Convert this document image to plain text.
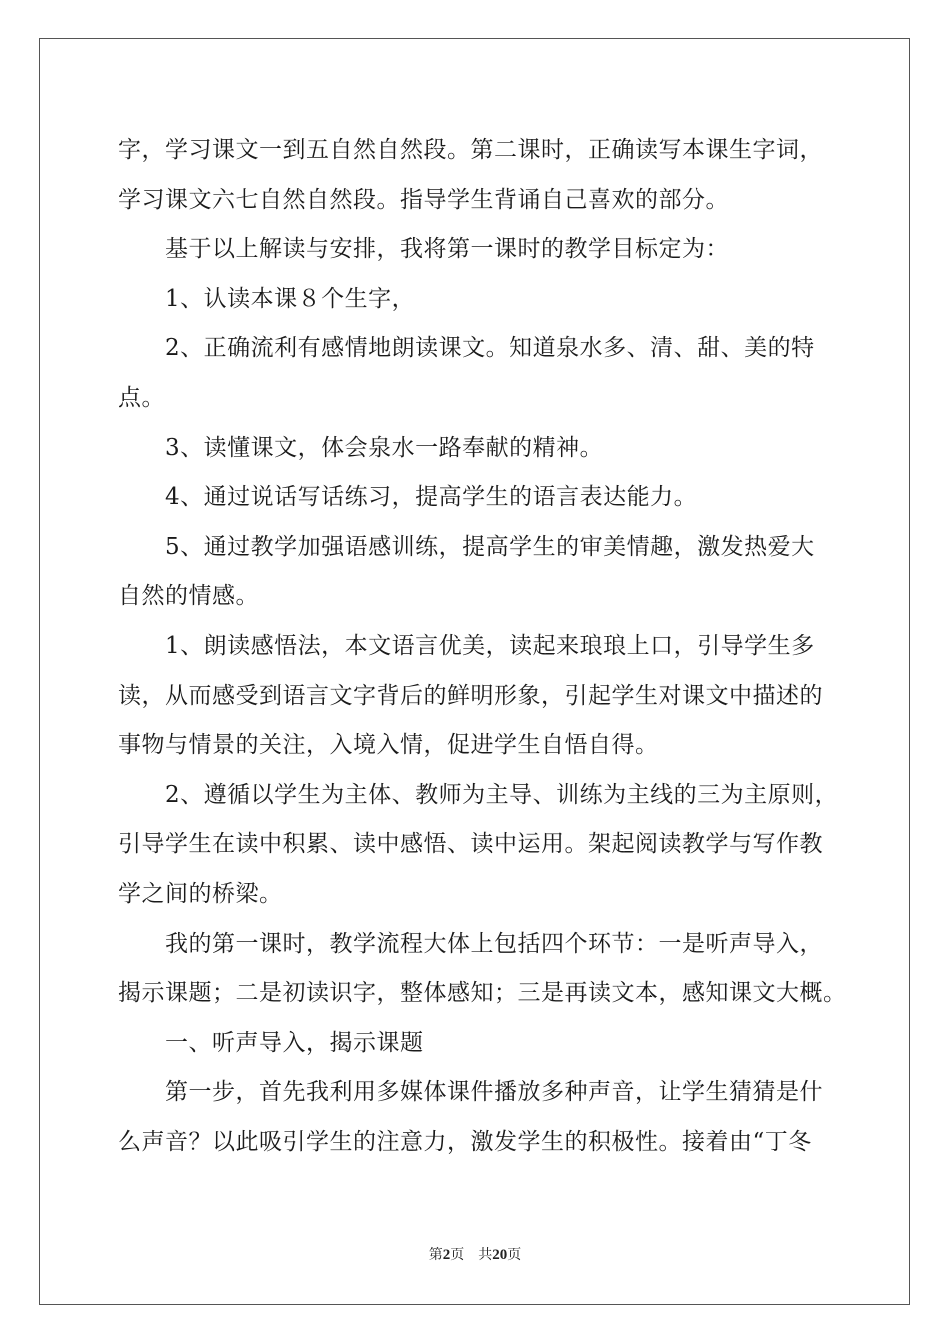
字，学习课文一到五自然自然段。第二课时，正确读写本课生字词，
学习课文六七自然自然段。指导学生背诵自己喜欢的部分。
基于以上解读与安排，我将第一课时的教学目标定为：
1、认读本课８个生字，
2、正确流利有感情地朗读课文。知道泉水多、清、甜、美的特
点。
3、读懂课文，体会泉水一路奉献的精神。
4、通过说话写话练习，提高学生的语言表达能力。
5、通过教学加强语感训练，提高学生的审美情趣，激发热爱大
自然的情感。
1、朗读感悟法，本文语言优美，读起来琅琅上口，引导学生多
读，从而感受到语言文字背后的鲜明形象，引起学生对课文中描述的
事物与情景的关注，入境入情，促进学生自悟自得。
2、遵循以学生为主体、教师为主导、训练为主线的三为主原则，
引导学生在读中积累、读中感悟、读中运用。架起阅读教学与写作教
学之间的桥梁。
我的第一课时，教学流程大体上包括四个环节：一是听声导入，
揭示课题；二是初读识字，整体感知；三是再读文本，感知课文大概。
一、听声导入，揭示课题
第一步，首先我利用多媒体课件播放多种声音，让学生猜猜是什
么声音？以此吸引学生的注意力，激发学生的积极性。接着由“丁冬
第2页 共20页
